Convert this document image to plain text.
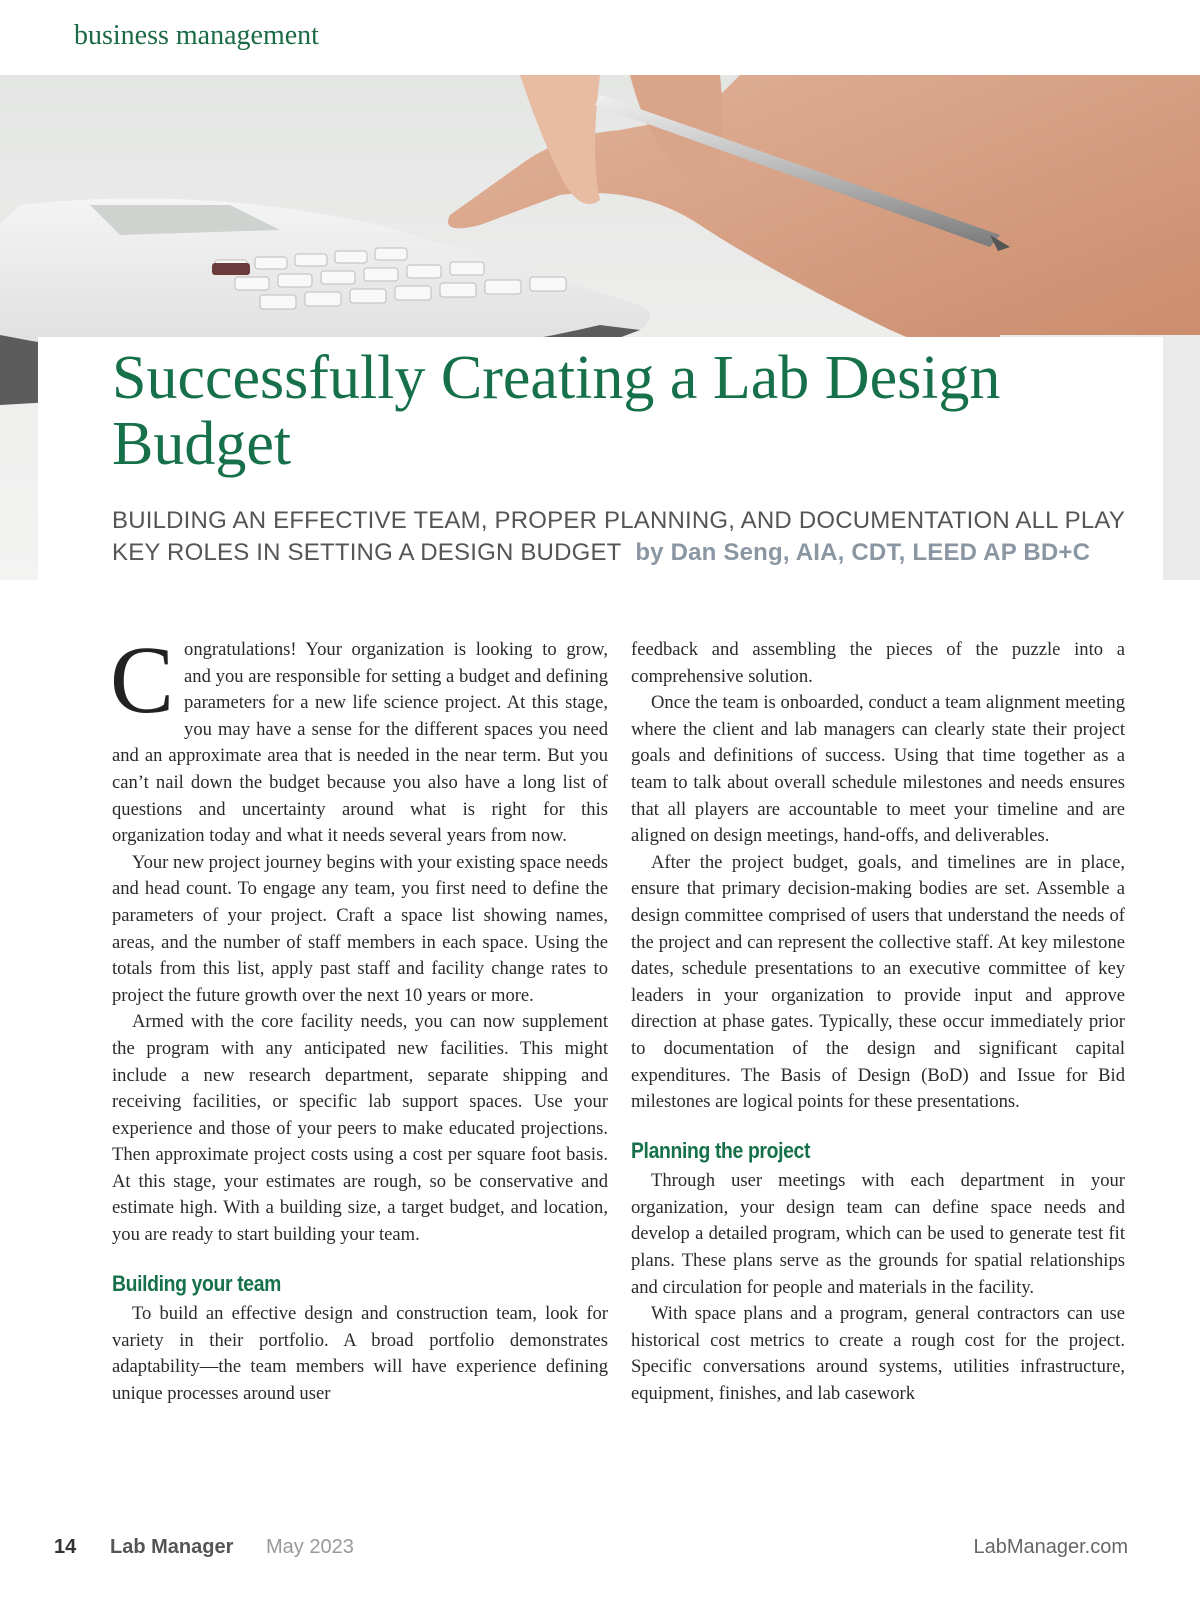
business management
Successfully Creating a Lab Design Budget
BUILDING AN EFFECTIVE TEAM, PROPER PLANNING, AND DOCUMENTATION ALL PLAY KEY ROLES IN SETTING A DESIGN BUDGET by Dan Seng, AIA, CDT, LEED AP BD+C

Congratulations! Your organization is looking to grow, and you are responsible for setting a budget and defining parameters for a new life science project. At this stage, you may have a sense for the different spaces you need and an approximate area that is needed in the near term. But you can’t nail down the budget because you also have a long list of questions and uncertainty around what is right for this organization today and what it needs several years from now.

Your new project journey begins with your existing space needs and head count. To engage any team, you first need to define the parameters of your project. Craft a space list showing names, areas, and the number of staff members in each space. Using the totals from this list, apply past staff and facility change rates to project the future growth over the next 10 years or more.

Armed with the core facility needs, you can now supplement the program with any anticipated new facilities. This might include a new research department, separate shipping and receiving facilities, or specific lab support spaces. Use your experience and those of your peers to make educated projections. Then approximate project costs using a cost per square foot basis. At this stage, your estimates are rough, so be conservative and estimate high. With a building size, a target budget, and location, you are ready to start building your team.

Building your team

To build an effective design and construction team, look for variety in their portfolio. A broad portfolio demonstrates adaptability—the team members will have experience defining unique processes around user

feedback and assembling the pieces of the puzzle into a comprehensive solution.

Once the team is onboarded, conduct a team alignment meeting where the client and lab managers can clearly state their project goals and definitions of success. Using that time together as a team to talk about overall schedule milestones and needs ensures that all players are accountable to meet your timeline and are aligned on design meetings, hand-offs, and deliverables.

After the project budget, goals, and timelines are in place, ensure that primary decision-making bodies are set. Assemble a design committee comprised of users that understand the needs of the project and can represent the collective staff. At key milestone dates, schedule presentations to an executive committee of key leaders in your organization to provide input and approve direction at phase gates. Typically, these occur immediately prior to documentation of the design and significant capital expenditures. The Basis of Design (BoD) and Issue for Bid milestones are logical points for these presentations.

Planning the project

Through user meetings with each department in your organization, your design team can define space needs and develop a detailed program, which can be used to generate test fit plans. These plans serve as the grounds for spatial relationships and circulation for people and materials in the facility.

With space plans and a program, general contractors can use historical cost metrics to create a rough cost for the project. Specific conversations around systems, utilities infrastructure, equipment, finishes, and lab casework

14 Lab Manager May 2023	LabManager.com
